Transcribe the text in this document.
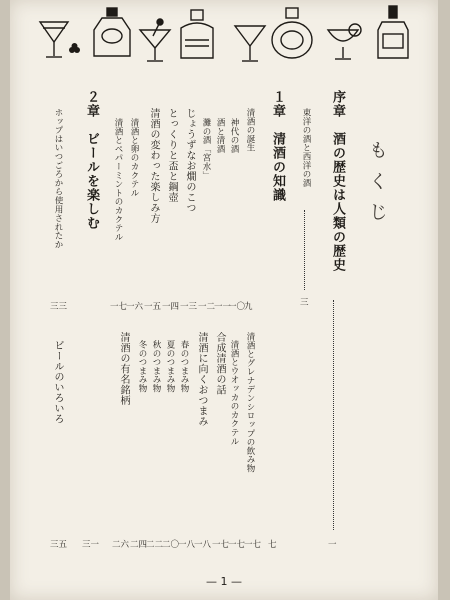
もくじ
序章　酒の歴史は人類の歴史
一
東洋の酒と西洋の酒
三
１章　清酒の知識
七
清酒の誕生
九
神代の酒
一〇
酒と清酒
一一
灘の酒「宮水」
一二
じょうずなお燗のこつ
一三
とっくりと盃と鋼壺
一四
清酒の変わった楽しみ方
一五
清酒と卵のカクテル
一六
清酒とペパーミントのカクテル
一七
清酒とグレナデンシロップの飲み物
一七
清酒とウオッカのカクテル
一七
合成清酒の話
一七
清酒に向くおつまみ
一八
春のつまみ物
一八
夏のつまみ物
二〇
秋のつまみ物
二二
冬のつまみ物
二四
清酒の有名銘柄
二六
２章　ビールを楽しむ
三一
ホップはいつごろから使用されたか
三三
ビールのいろいろ
三五
— 1 —
